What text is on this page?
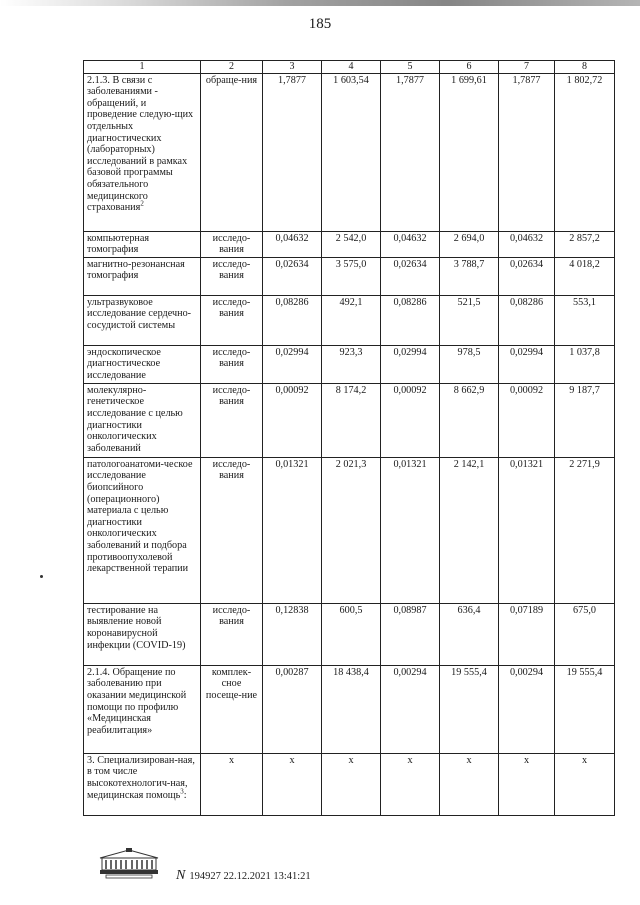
185
1	2	3	4	5	6	7	8
2.1.3. В связи с заболеваниями - обращений, и проведение следую-щих отдельных диагностических (лабораторных) исследований в рамках базовой программы обязательного медицинского страхования$^2$	обраще-ния	1,7877	1 603,54	1,7877	1 699,61	1,7877	1 802,72
компьютерная томография	исследо-вания	0,04632	2 542,0	0,04632	2 694,0	0,04632	2 857,2
магнитно-резонансная томография	исследо-вания	0,02634	3 575,0	0,02634	3 788,7	0,02634	4 018,2
ультразвуковое исследование сердечно-сосудистой системы	исследо-вания	0,08286	492,1	0,08286	521,5	0,08286	553,1
эндоскопическое диагностическое исследование	исследо-вания	0,02994	923,3	0,02994	978,5	0,02994	1 037,8
молекулярно-генетическое исследование с целью диагностики онкологических заболеваний	исследо-вания	0,00092	8 174,2	0,00092	8 662,9	0,00092	9 187,7
патологоанатоми-ческое исследование биопсийного (операционного) материала с целью диагностики онкологических заболеваний и подбора противоопухолевой лекарственной терапии	исследо-вания	0,01321	2 021,3	0,01321	2 142,1	0,01321	2 271,9
тестирование на выявление новой коронавирусной инфекции (COVID-19)	исследо-вания	0,12838	600,5	0,08987	636,4	0,07189	675,0
2.1.4. Обращение по заболеванию при оказании медицинской помощи по профилю «Медицинская реабилитация»	комплек-сное посеще-ние	0,00287	18 438,4	0,00294	19 555,4	0,00294	19 555,4
3. Специализирован-ная, в том числе высокотехнологич-ная, медицинская помощь$^3$:	х	х	х	х	х	х	х
N 194927 22.12.2021 13:41:21
